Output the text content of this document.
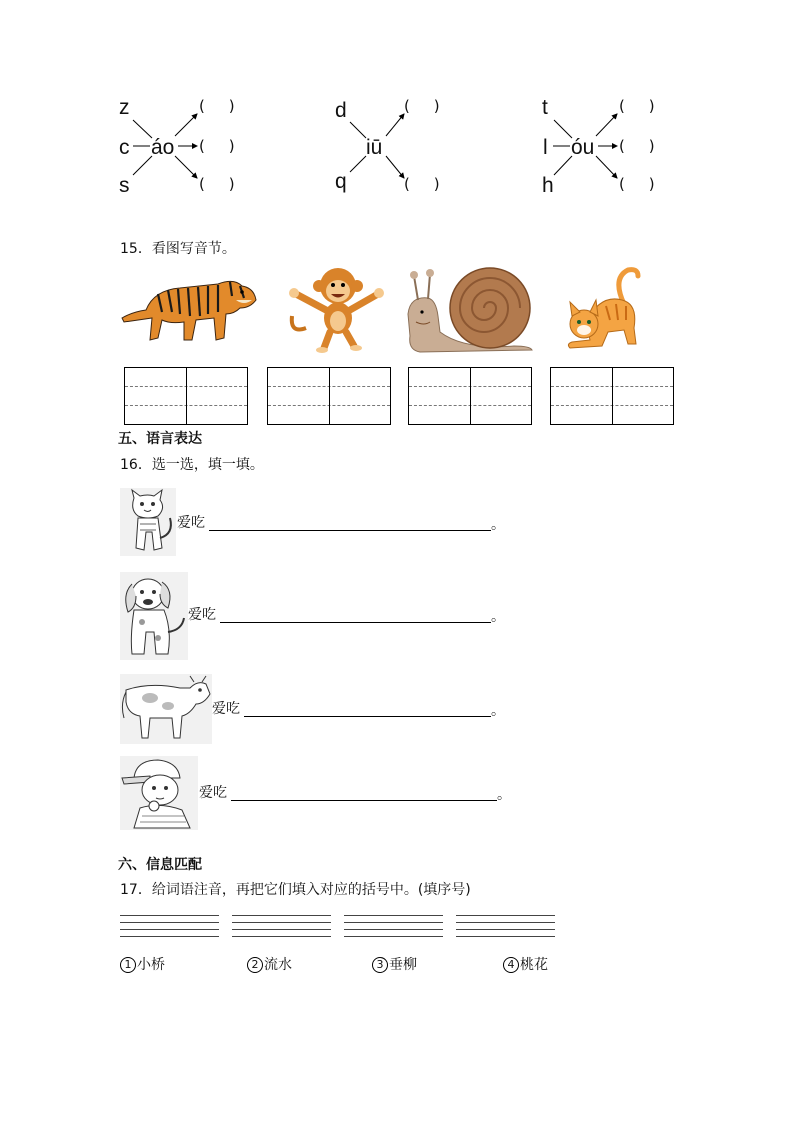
z
c
s
áo
(     )
(     )
(     )
d
q
iū
(     )
(     )
t
l
h
óu
(     )
(     )
(     )
15．看图写音节。
五、语言表达
16．选一选，填一填。
爱吃	。
爱吃	。
爱吃	。
爱吃	。
六、信息匹配
17．给词语注音，再把它们填入对应的括号中。(填序号)
1 小桥	2 流水	3 垂柳	4 桃花
